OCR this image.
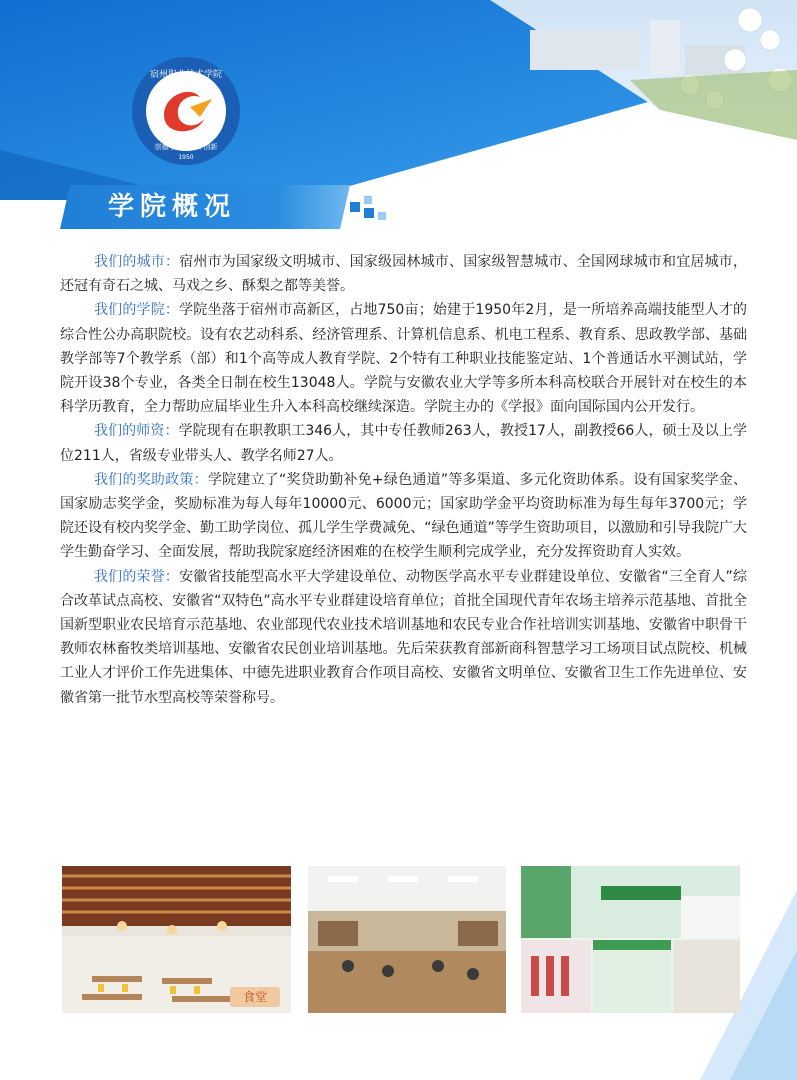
宿州职业技术学院
崇德 勤业 求知 创新
1950
学院概况

我们的城市：宿州市为国家级文明城市、国家级园林城市、国家级智慧城市、全国网球城市和宜居城市，还冠有奇石之城、马戏之乡、酥梨之都等美誉。

我们的学院：学院坐落于宿州市高新区，占地750亩；始建于1950年2月，是一所培养高端技能型人才的综合性公办高职院校。设有农艺动科系、经济管理系、计算机信息系、机电工程系、教育系、思政教学部、基础教学部等7个教学系（部）和1个高等成人教育学院、2个特有工种职业技能鉴定站、1个普通话水平测试站，学院开设38个专业，各类全日制在校生13048人。学院与安徽农业大学等多所本科高校联合开展针对在校生的本科学历教育，全力帮助应届毕业生升入本科高校继续深造。学院主办的《学报》面向国际国内公开发行。

我们的师资：学院现有在职教职工346人，其中专任教师263人，教授17人，副教授66人，硕士及以上学位211人，省级专业带头人、教学名师27人。

我们的奖助政策：学院建立了“奖贷助勤补免+绿色通道”等多渠道、多元化资助体系。设有国家奖学金、国家励志奖学金，奖励标准为每人每年10000元、6000元；国家助学金平均资助标准为每生每年3700元；学院还设有校内奖学金、勤工助学岗位、孤儿学生学费减免、“绿色通道”等学生资助项目，以激励和引导我院广大学生勤奋学习、全面发展，帮助我院家庭经济困难的在校学生顺利完成学业，充分发挥资助育人实效。

我们的荣誉：安徽省技能型高水平大学建设单位、动物医学高水平专业群建设单位、安徽省“三全育人”综合改革试点高校、安徽省“双特色”高水平专业群建设培育单位；首批全国现代青年农场主培养示范基地、首批全国新型职业农民培育示范基地、农业部现代农业技术培训基地和农民专业合作社培训实训基地、安徽省中职骨干教师农林畜牧类培训基地、安徽省农民创业培训基地。先后荣获教育部新商科智慧学习工场项目试点院校、机械工业人才评价工作先进集体、中德先进职业教育合作项目高校、安徽省文明单位、安徽省卫生工作先进单位、安徽省第一批节水型高校等荣誉称号。

食堂
